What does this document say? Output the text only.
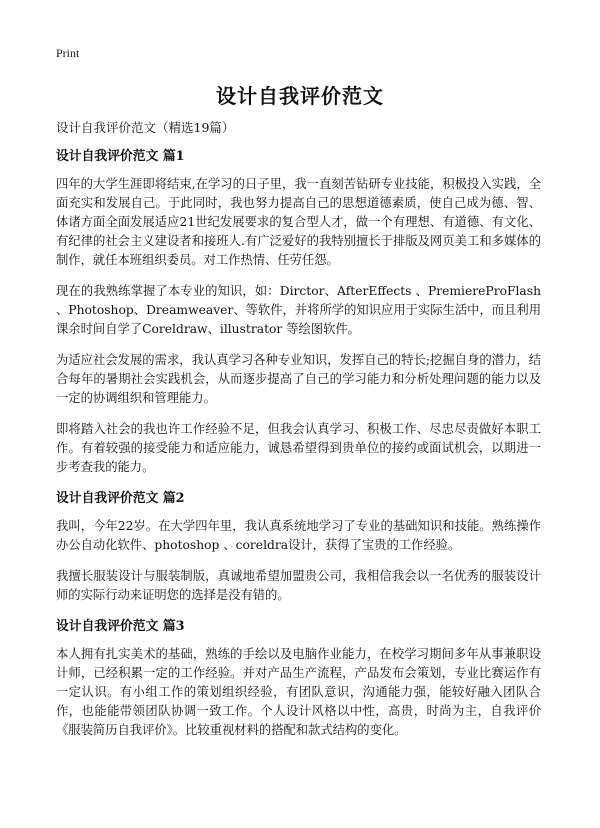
Print
设计自我评价范文

设计自我评价范文（精选19篇）

设计自我评价范文 篇1

四年的大学生涯即将结束,在学习的日子里，我一直刻苦钻研专业技能，积极投入实践，全面充实和发展自己。于此同时，我也努力提高自己的思想道德素质，使自己成为德、智、体诸方面全面发展适应21世纪发展要求的复合型人才，做一个有理想、有道德、有文化、有纪律的社会主义建设者和接班人.有广泛爱好的我特别擅长于排版及网页美工和多媒体的制作，就任本班组织委员。对工作热情、任劳任怨。

现在的我熟练掌握了本专业的知识，如：Dirctor、AfterEffects 、PremiereProFlash 、Photoshop、Dreamweaver、等软件，并将所学的知识应用于实际生活中，而且利用课余时间自学了Coreldraw、illustrator 等绘图软件。

为适应社会发展的需求，我认真学习各种专业知识，发挥自己的特长;挖掘自身的潜力，结合每年的暑期社会实践机会，从而逐步提高了自己的学习能力和分析处理问题的能力以及一定的协调组织和管理能力。

即将踏入社会的我也许工作经验不足，但我会认真学习、积极工作、尽忠尽责做好本职工作。有着较强的接受能力和适应能力，诚恳希望得到贵单位的接约或面试机会，以期进一步考查我的能力。

设计自我评价范文 篇2

我叫，今年22岁。在大学四年里，我认真系统地学习了专业的基础知识和技能。熟练操作办公自动化软件、photoshop 、coreldra设计，获得了宝贵的工作经验。

我擅长服装设计与服装制版，真诚地希望加盟贵公司，我相信我会以一名优秀的服装设计师的实际行动来证明您的选择是没有错的。

设计自我评价范文 篇3

本人拥有扎实美术的基础，熟练的手绘以及电脑作业能力，在校学习期间多年从事兼职设计师，已经积累一定的工作经验。并对产品生产流程，产品发布会策划，专业比赛运作有一定认识。有小组工作的策划组织经验，有团队意识，沟通能力强，能较好融入团队合作，也能能带领团队协调一致工作。个人设计风格以中性，高贵，时尚为主，自我评价《服装简历自我评价》。比较重视材料的搭配和款式结构的变化。
